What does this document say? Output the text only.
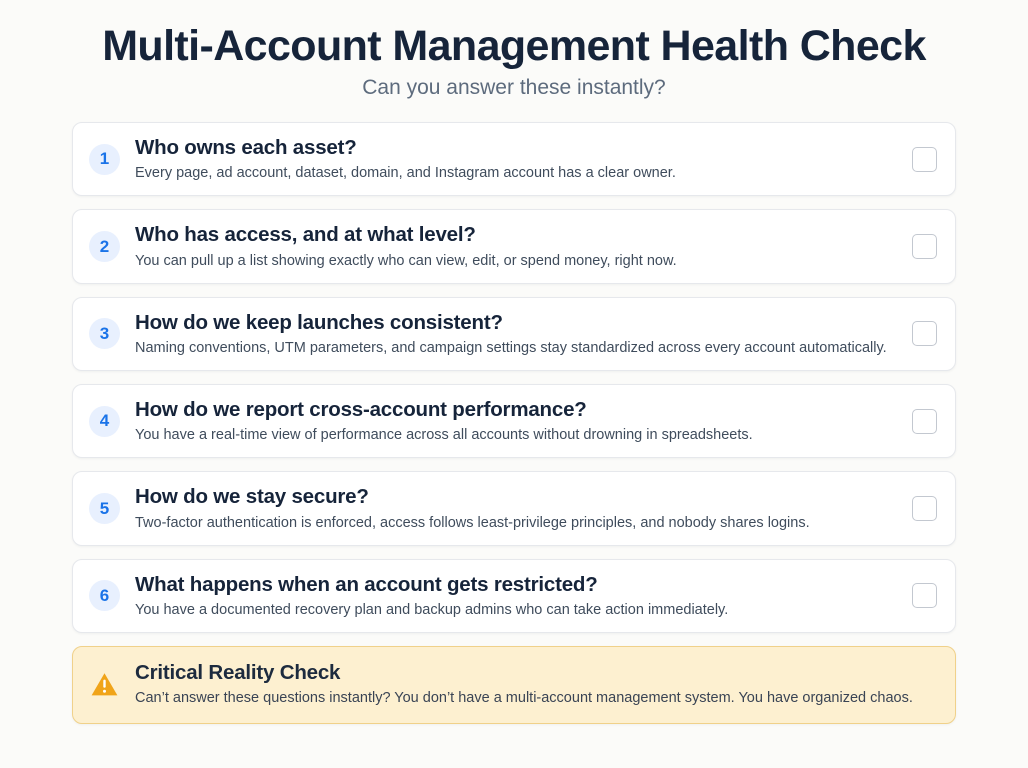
Multi-Account Management Health Check
Can you answer these instantly?
1	Who owns each asset?
Every page, ad account, dataset, domain, and Instagram account has a clear owner.
2	Who has access, and at what level?
You can pull up a list showing exactly who can view, edit, or spend money, right now.
3	How do we keep launches consistent?
Naming conventions, UTM parameters, and campaign settings stay standardized across every account automatically.
4	How do we report cross-account performance?
You have a real-time view of performance across all accounts without drowning in spreadsheets.
5	How do we stay secure?
Two-factor authentication is enforced, access follows least-privilege principles, and nobody shares logins.
6	What happens when an account gets restricted?
You have a documented recovery plan and backup admins who can take action immediately.
Critical Reality Check
Can’t answer these questions instantly? You don’t have a multi-account management system. You have organized chaos.
